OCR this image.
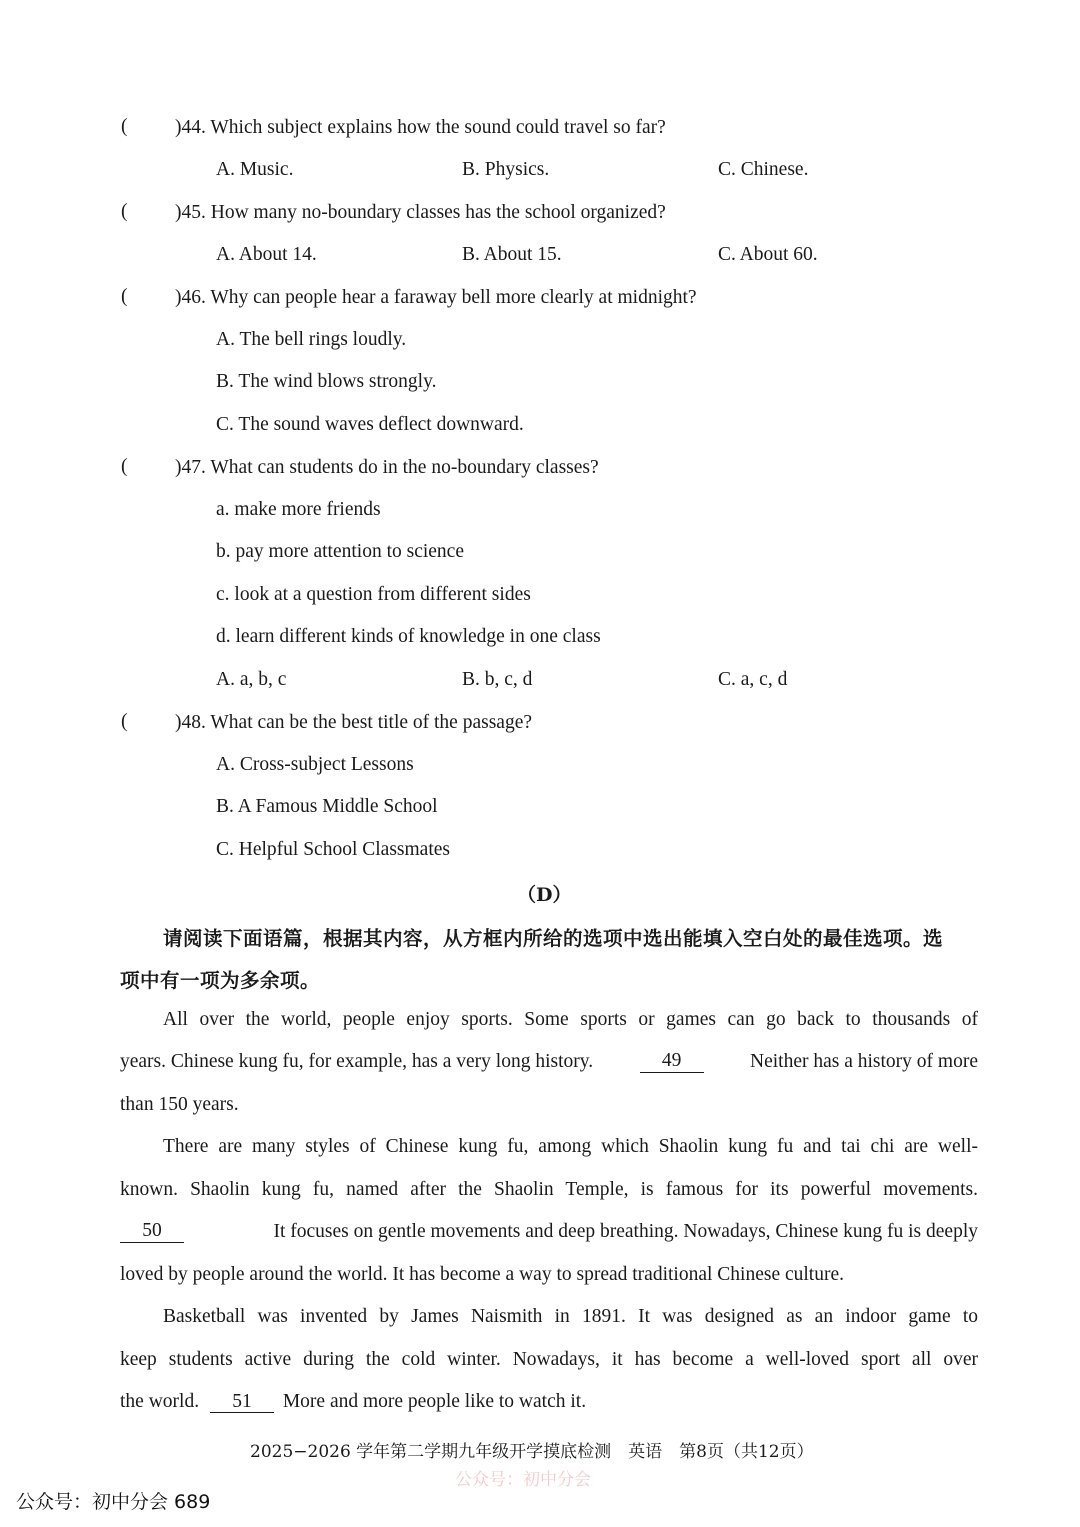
( )44. Which subject explains how the sound could travel so far?
A. Music.	B. Physics.	C. Chinese.
( )45. How many no-boundary classes has the school organized?
A. About 14.	B. About 15.	C. About 60.
( )46. Why can people hear a faraway bell more clearly at midnight?
A. The bell rings loudly.
B. The wind blows strongly.
C. The sound waves deflect downward.
( )47. What can students do in the no-boundary classes?
a. make more friends
b. pay more attention to science
c. look at a question from different sides
d. learn different kinds of knowledge in one class
A. a, b, c	B. b, c, d	C. a, c, d
( )48. What can be the best title of the passage?
A. Cross-subject Lessons
B. A Famous Middle School
C. Helpful School Classmates
（D）
请阅读下面语篇，根据其内容，从方框内所给的选项中选出能填入空白处的最佳选项。选
项中有一项为多余项。
All over the world, people enjoy sports. Some sports or games can go back to thousands of
years. Chinese kung fu, for example, has a very long history.	49	Neither has a history of more
than 150 years.
There are many styles of Chinese kung fu, among which Shaolin kung fu and tai chi are well-
known. Shaolin kung fu, named after the Shaolin Temple, is famous for its powerful movements.
50	It focuses on gentle movements and deep breathing. Nowadays, Chinese kung fu is deeply
loved by people around the world. It has become a way to spread traditional Chinese culture.
Basketball was invented by James Naismith in 1891. It was designed as an indoor game to
keep students active during the cold winter. Nowadays, it has become a well-loved sport all over
the world. 51 More and more people like to watch it.
2025−2026 学年第二学期九年级开学摸底检测　英语　第8页（共12页）
公众号：初中分会
公众号：初中分会 689
